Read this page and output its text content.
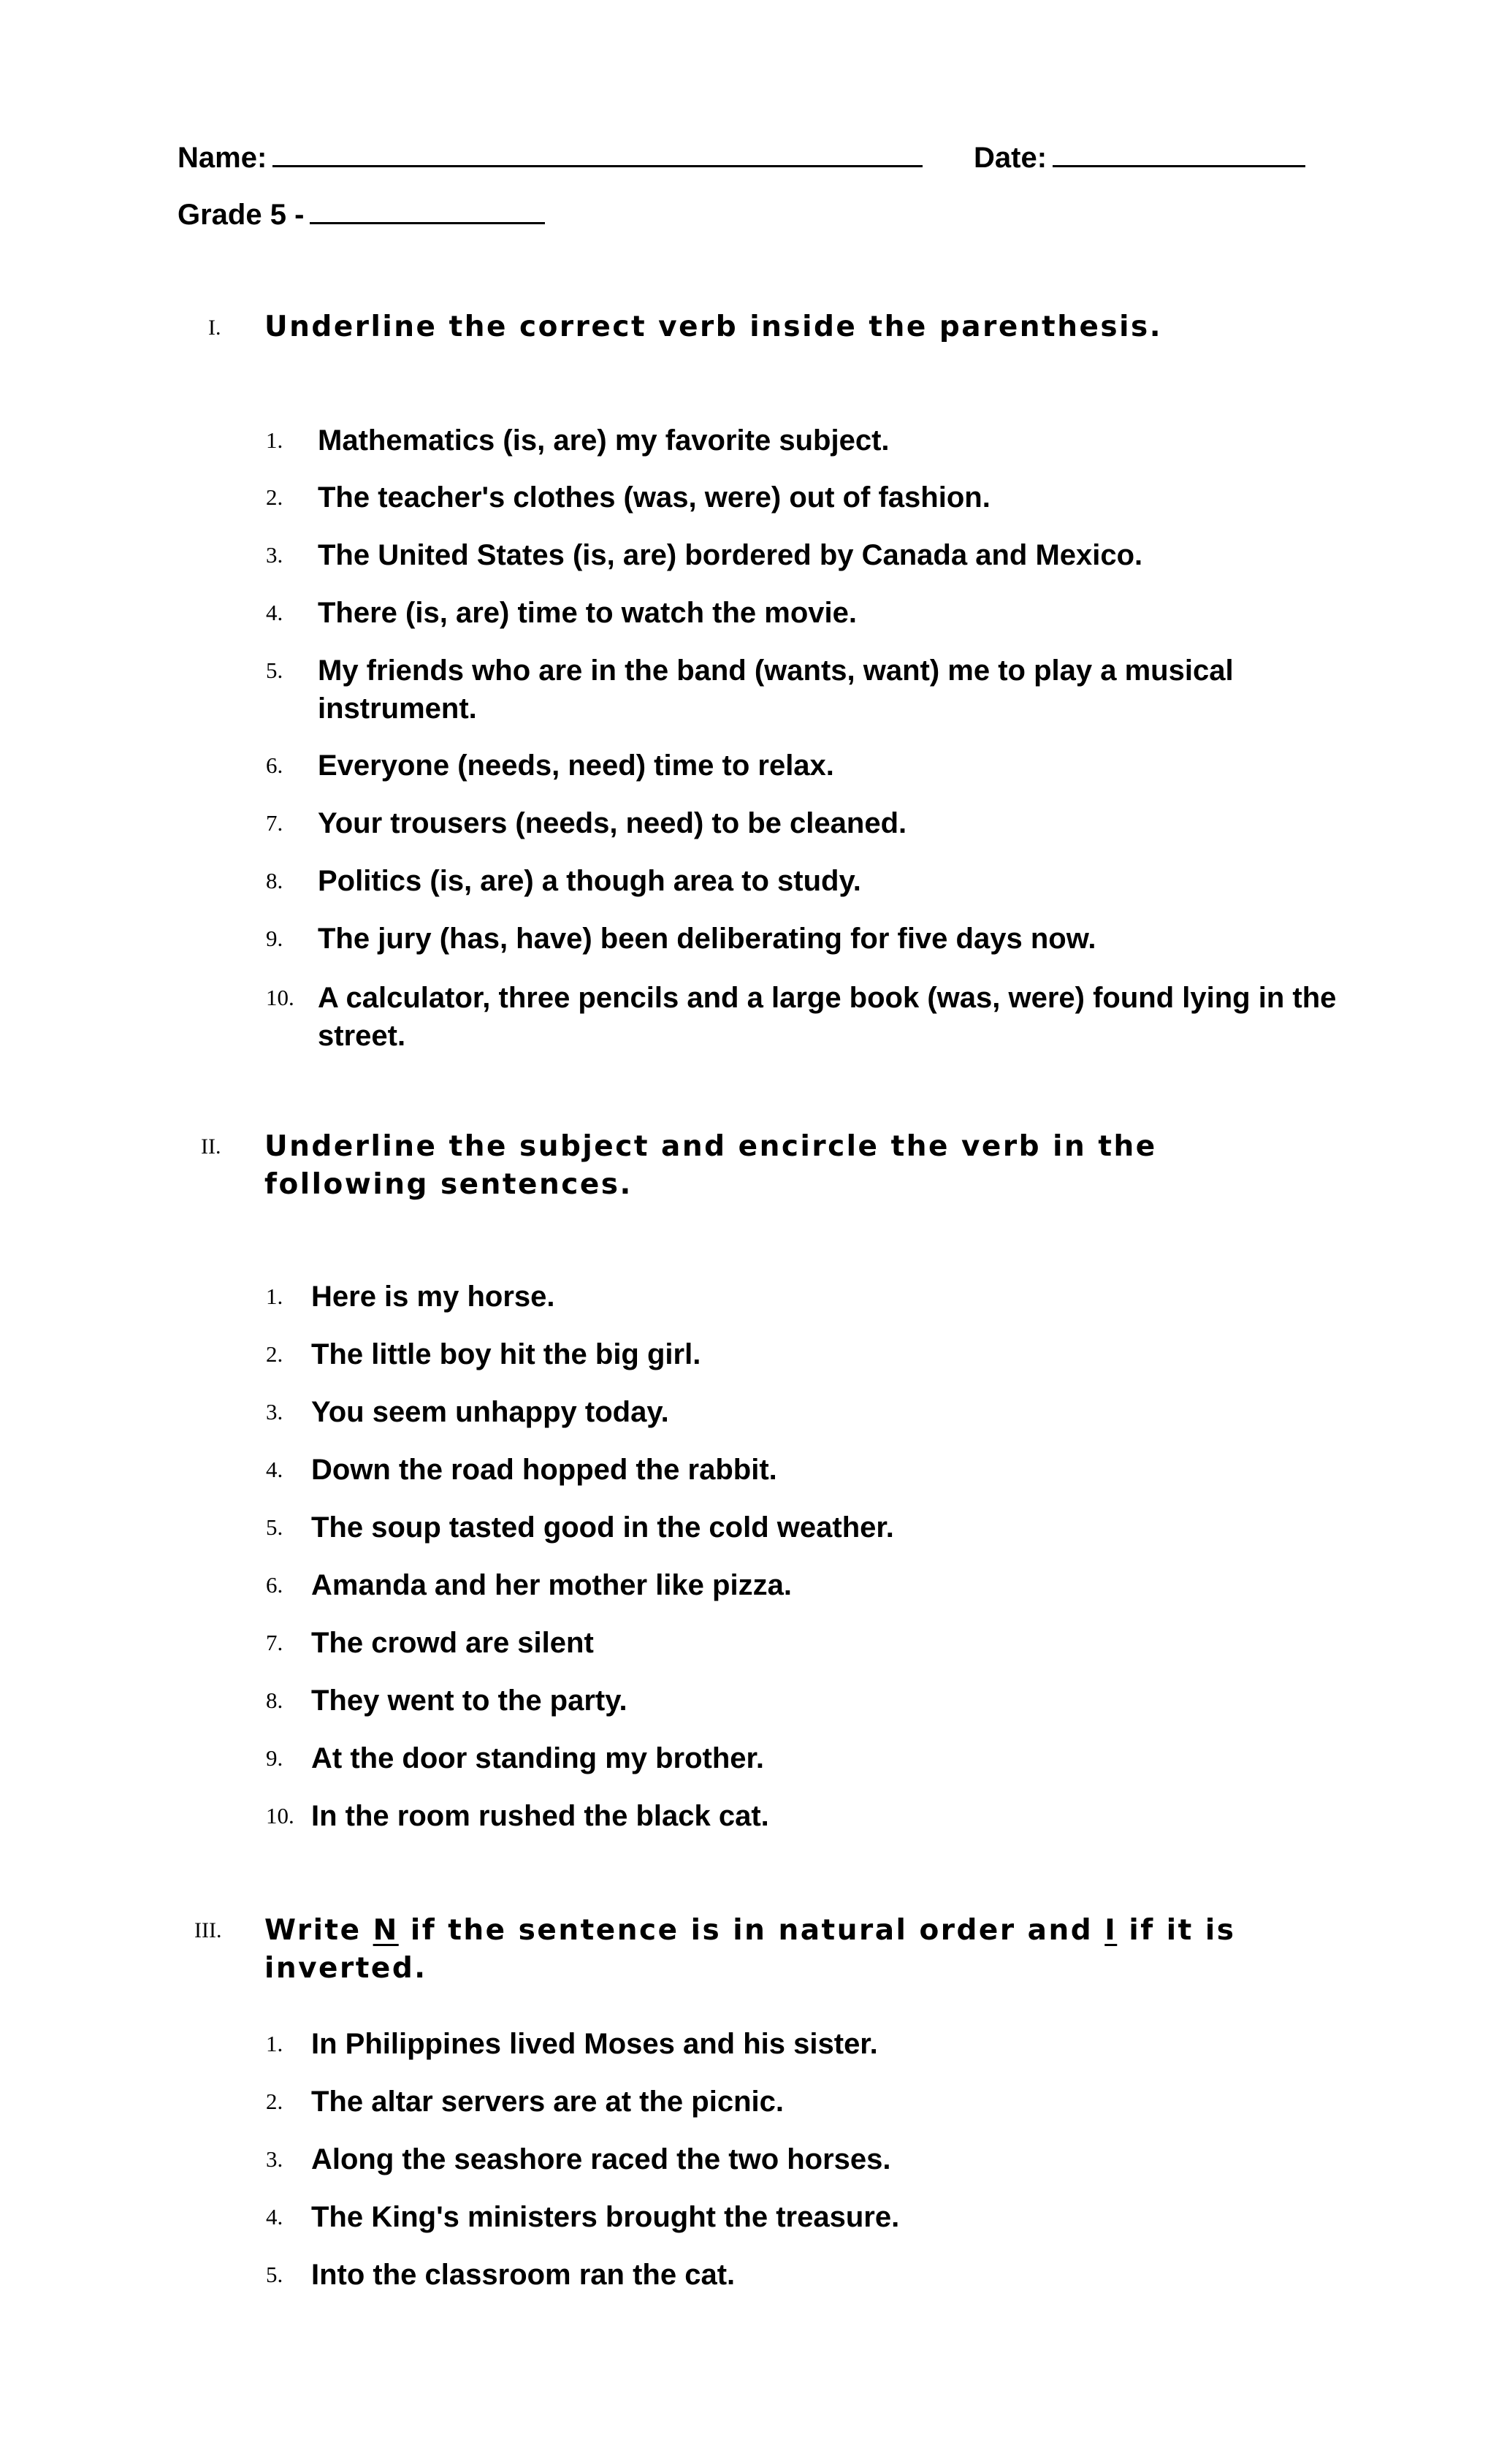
Name:	Date:
Grade 5 -
I. Underline the correct verb inside the parenthesis.
1. Mathematics (is, are) my favorite subject.
2. The teacher's clothes (was, were) out of fashion.
3. The United States (is, are) bordered by Canada and Mexico.
4. There (is, are) time to watch the movie.
5. My friends who are in the band (wants, want) me to play a musical instrument.
6. Everyone (needs, need) time to relax.
7. Your trousers (needs, need) to be cleaned.
8. Politics (is, are) a though area to study.
9. The jury (has, have) been deliberating for five days now.
10. A calculator, three pencils and a large book (was, were) found lying in the street.
II. Underline the subject and encircle the verb in the following sentences.
1. Here is my horse.
2. The little boy hit the big girl.
3. You seem unhappy today.
4. Down the road hopped the rabbit.
5. The soup tasted good in the cold weather.
6. Amanda and her mother like pizza.
7. The crowd are silent
8. They went to the party.
9. At the door standing my brother.
10. In the room rushed the black cat.
III. Write N if the sentence is in natural order and I if it is inverted.
1. In Philippines lived Moses and his sister.
2. The altar servers are at the picnic.
3. Along the seashore raced the two horses.
4. The King's ministers brought the treasure.
5. Into the classroom ran the cat.
